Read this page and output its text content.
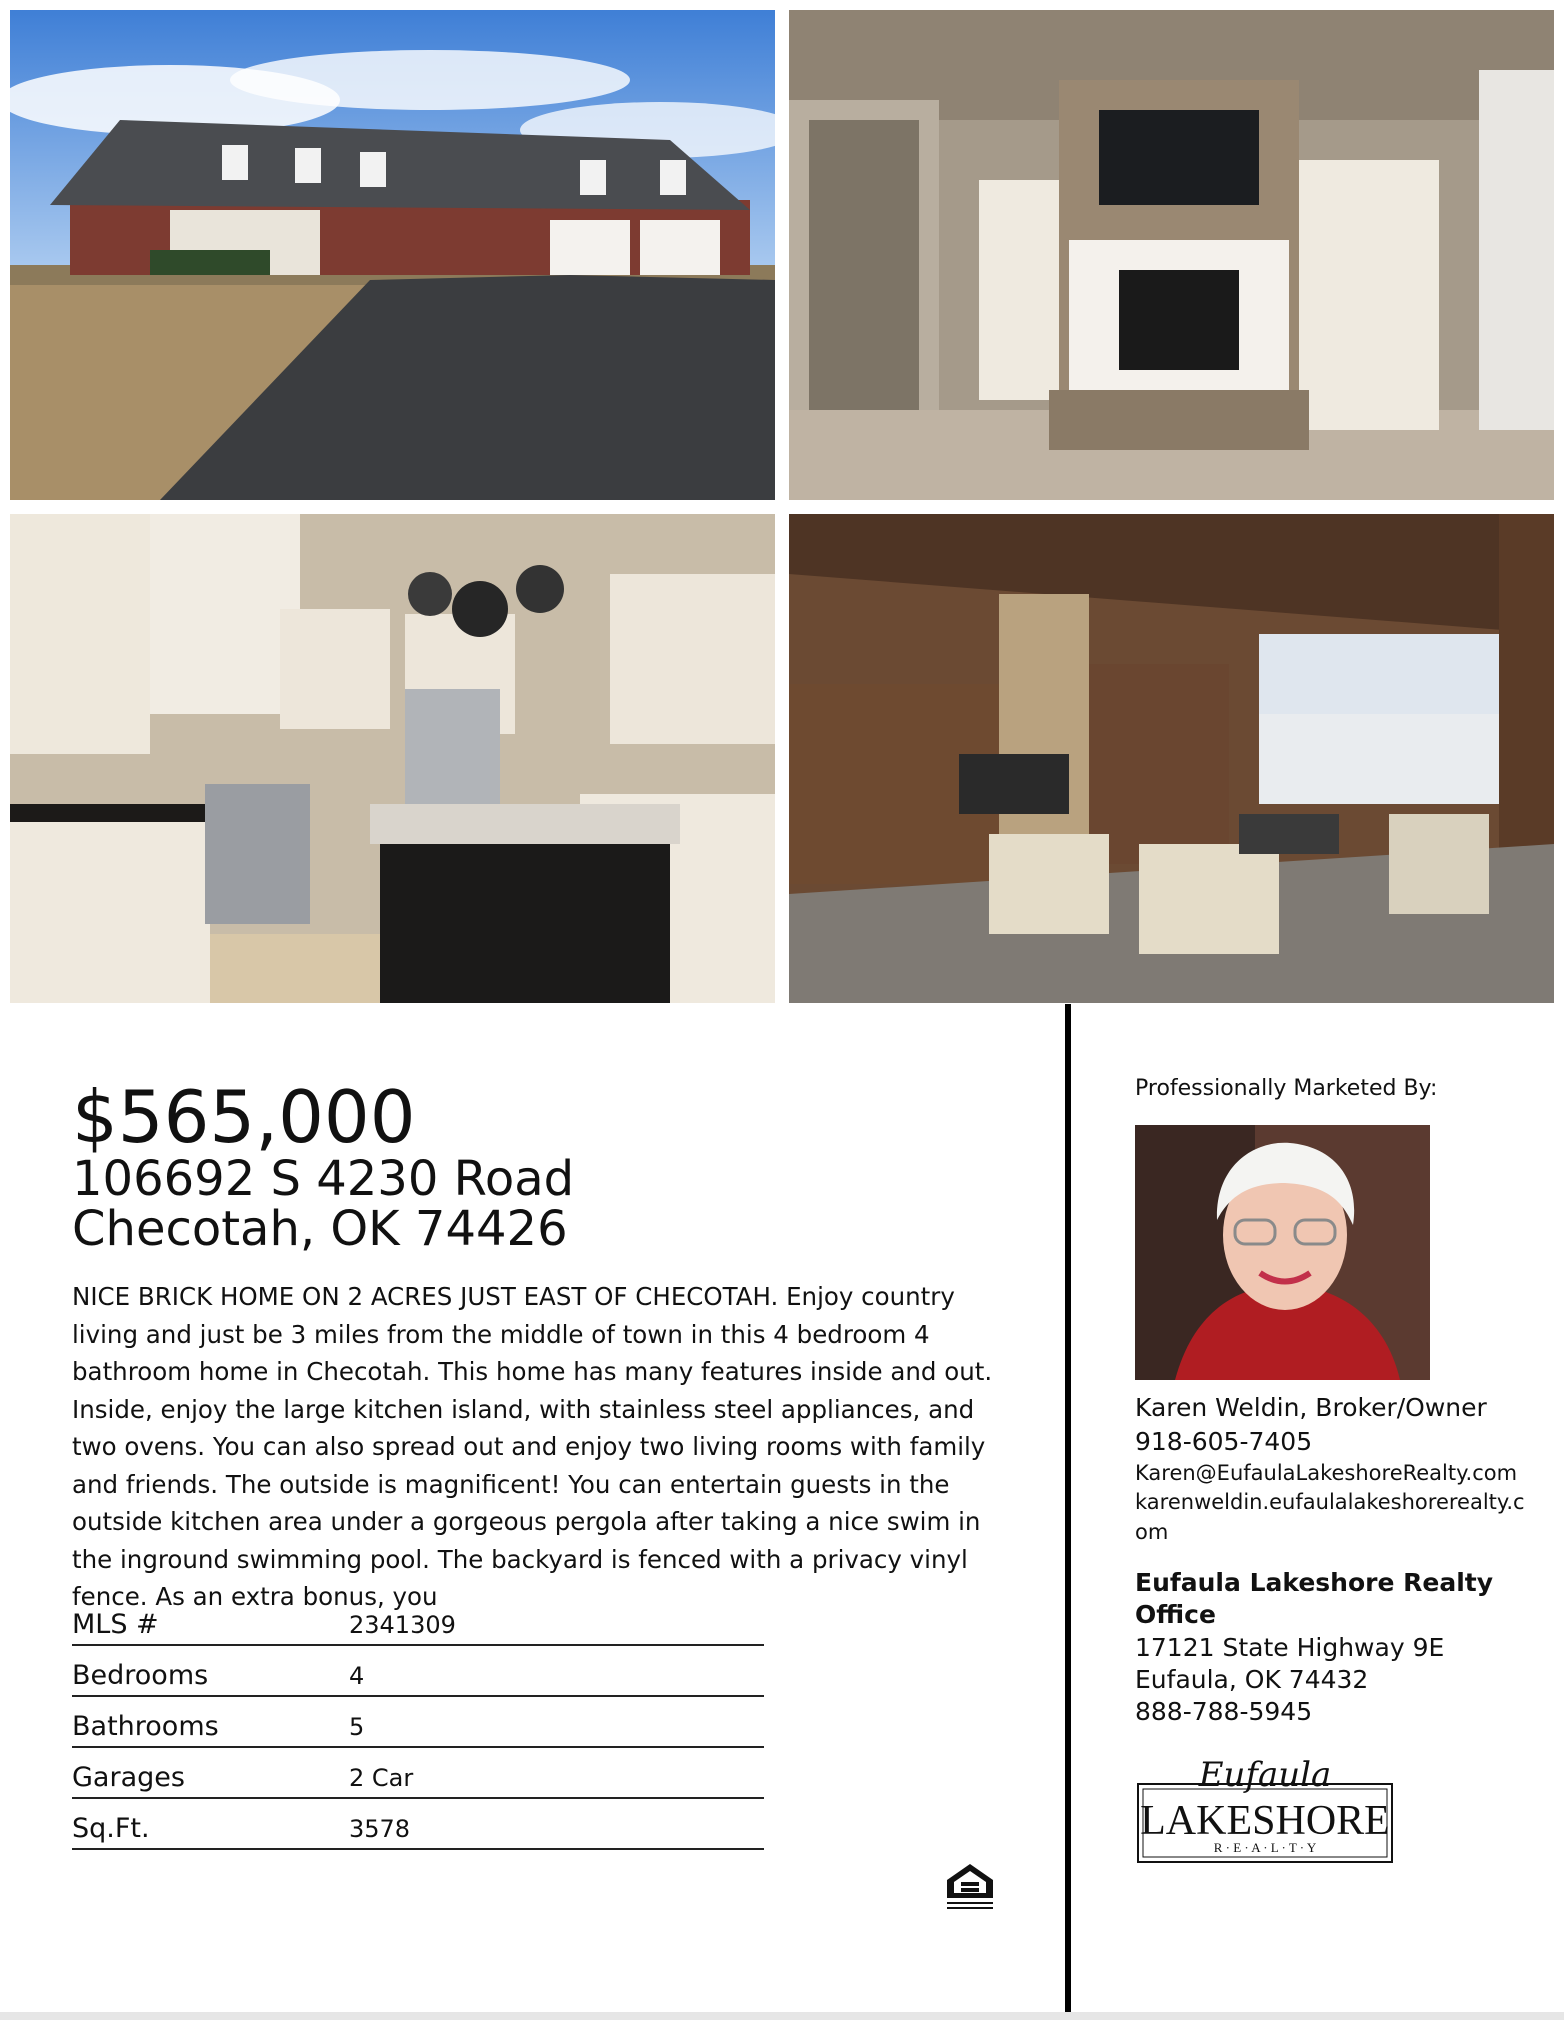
$565,000
106692 S 4230 Road
Checotah, OK 74426
NICE BRICK HOME ON 2 ACRES JUST EAST OF CHECOTAH. Enjoy country living and just be 3 miles from the middle of town in this 4 bedroom 4 bathroom home in Checotah. This home has many features inside and out. Inside, enjoy the large kitchen island, with stainless steel appliances, and two ovens. You can also spread out and enjoy two living rooms with family and friends. The outside is magnificent! You can entertain guests in the outside kitchen area under a gorgeous pergola after taking a nice swim in the inground swimming pool. The backyard is fenced with a privacy vinyl fence. As an extra bonus, you
MLS #	2341309
Bedrooms	4
Bathrooms	5
Garages	2 Car
Sq.Ft.	3578
Professionally Marketed By:
Karen Weldin, Broker/Owner
918-605-7405
Karen@EufaulaLakeshoreRealty.com
karenweldin.eufaulalakeshorerealty.com
Eufaula Lakeshore Realty Office
17121 State Highway 9E
Eufaula, OK 74432
888-788-5945
Eufaula
LAKESHORE
R · E · A · L · T · Y
